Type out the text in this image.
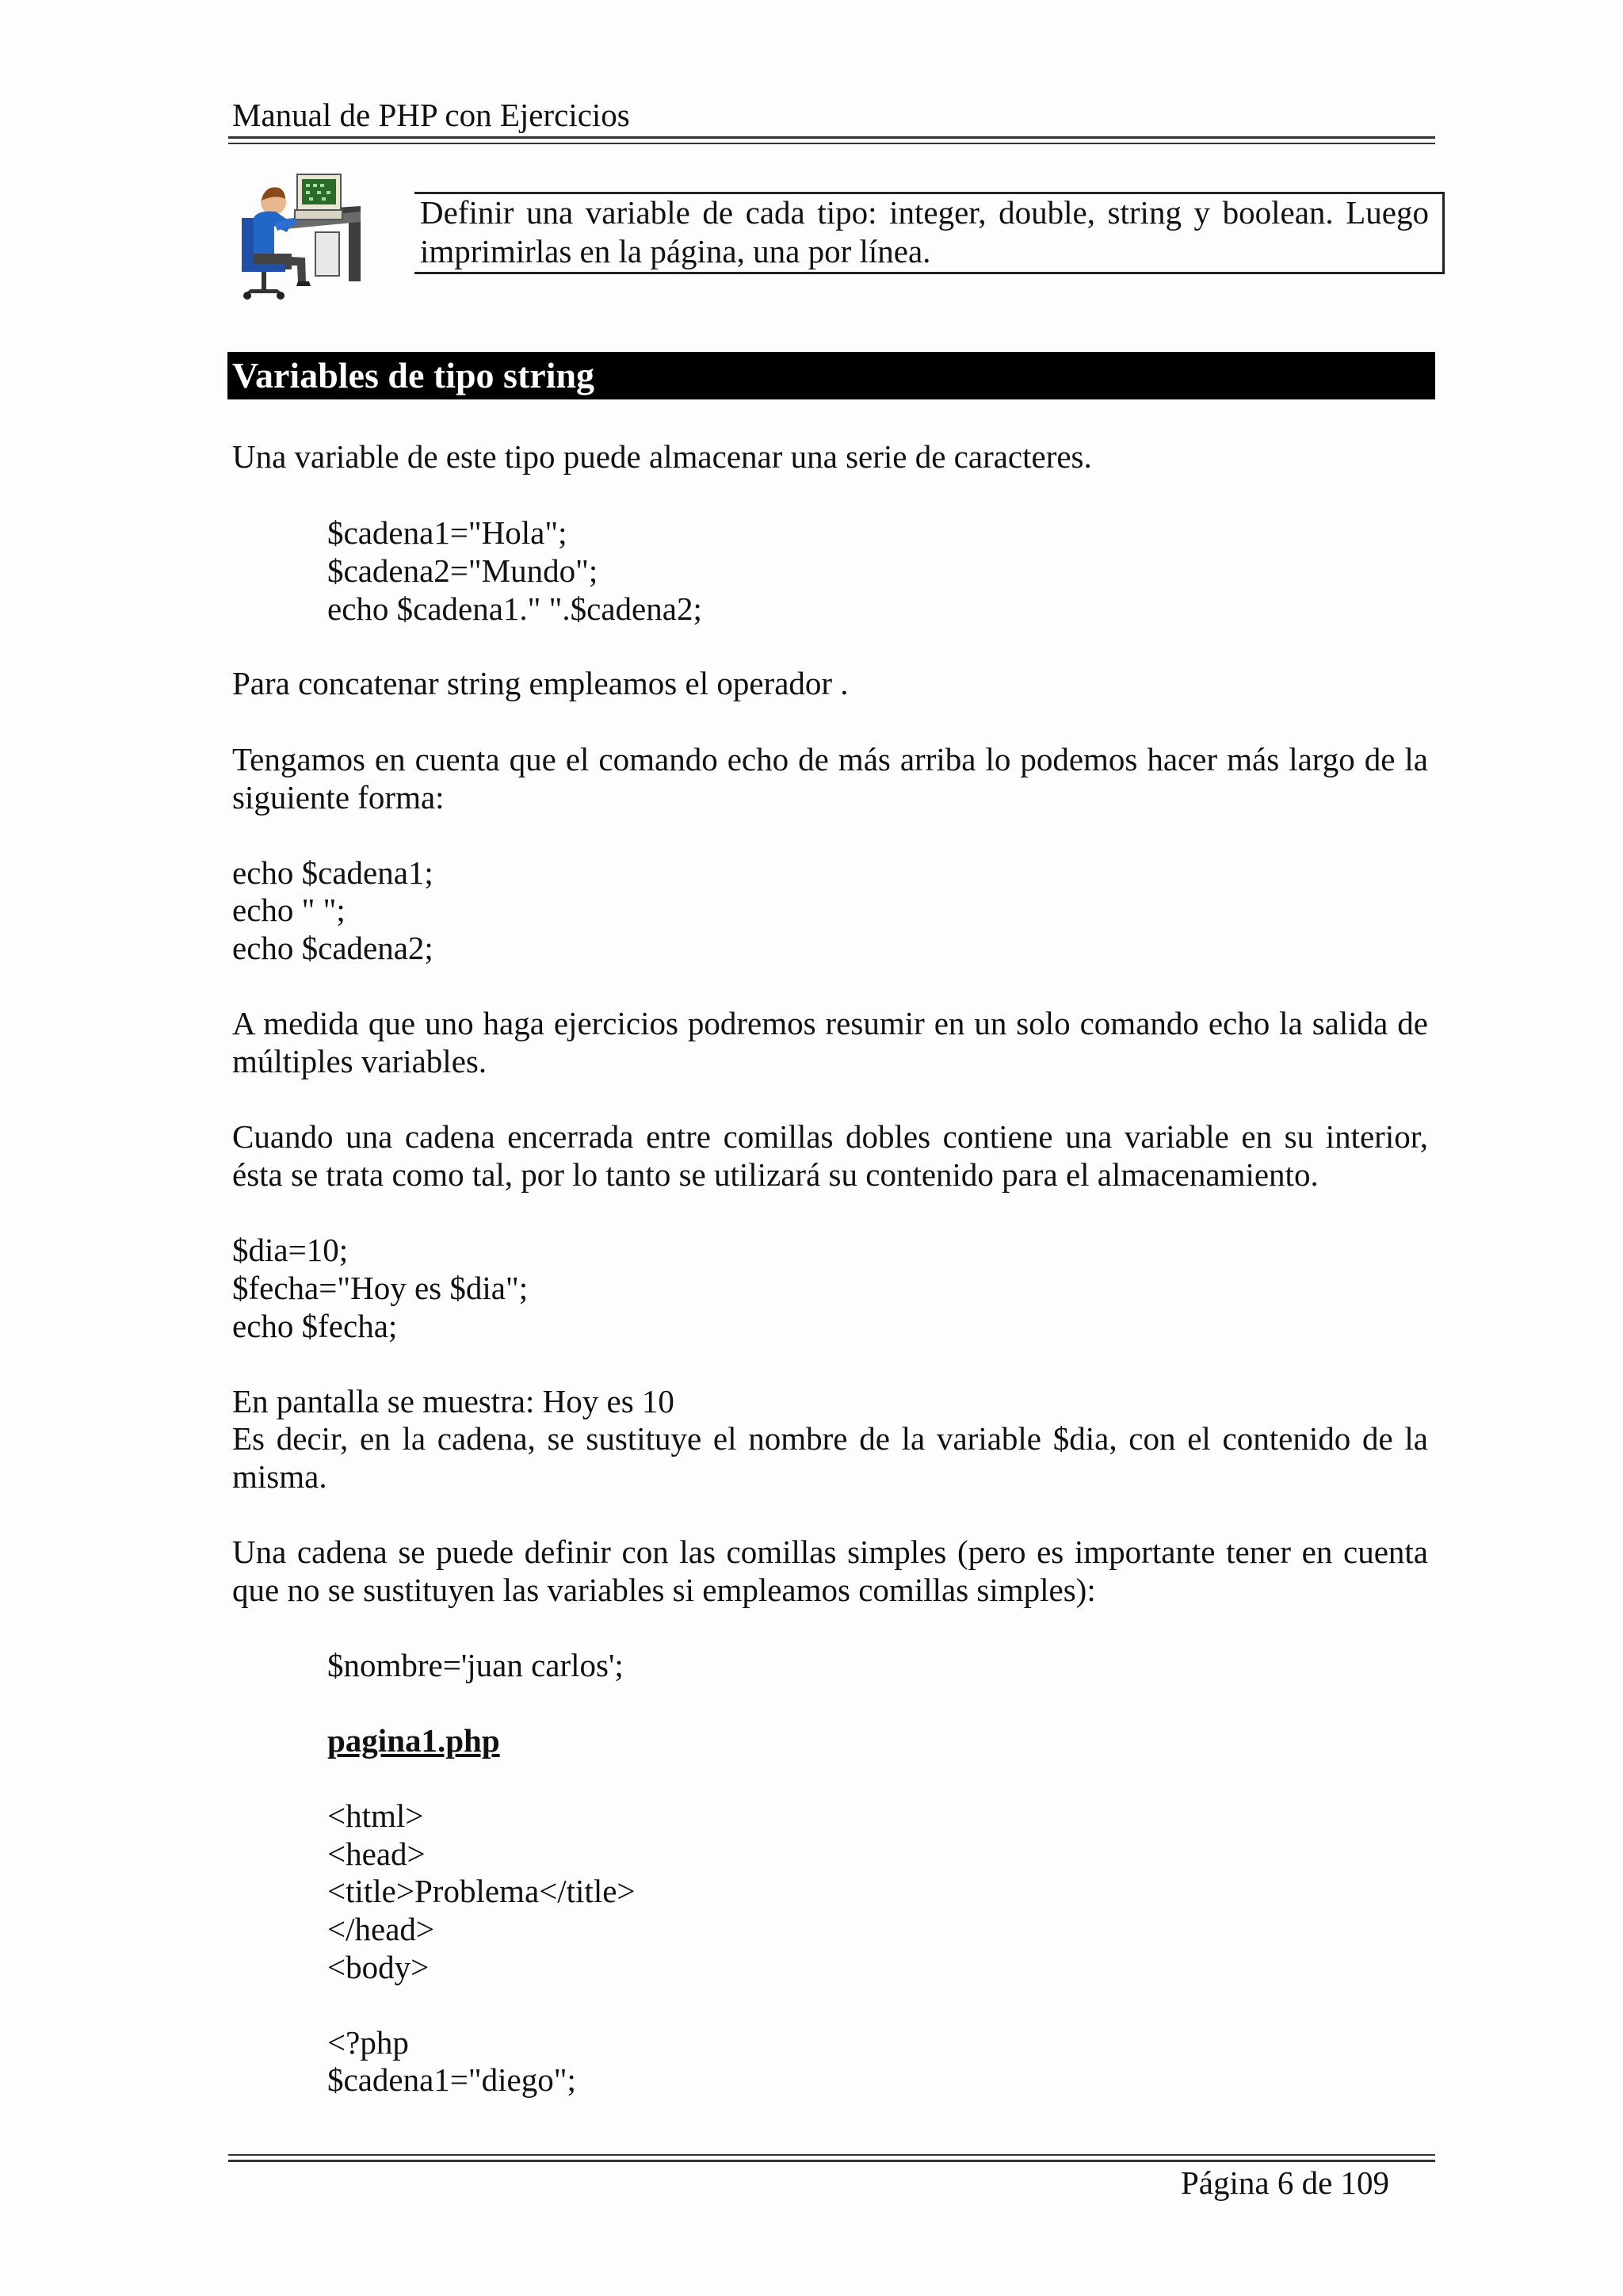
Manual de PHP con Ejercicios
Definir una variable de cada tipo: integer, double, string y boolean. Luego imprimirlas en la página, una por línea.
Variables de tipo string
Una variable de este tipo puede almacenar una serie de caracteres.
$cadena1="Hola";
$cadena2="Mundo";
echo $cadena1." ".$cadena2;
Para concatenar string empleamos el operador .
Tengamos en cuenta que el comando echo de más arriba lo podemos hacer más largo de la siguiente forma:
echo $cadena1;
echo " ";
echo $cadena2;
A medida que uno haga ejercicios podremos resumir en un solo comando echo la salida de múltiples variables.
Cuando una cadena encerrada entre comillas dobles contiene una variable en su interior, ésta se trata como tal, por lo tanto se utilizará su contenido para el almacenamiento.
$dia=10;
$fecha="Hoy es $dia";
echo $fecha;
En pantalla se muestra: Hoy es 10
Es decir, en la cadena, se sustituye el nombre de la variable $dia, con el contenido de la misma.
Una cadena se puede definir con las comillas simples (pero es importante tener en cuenta que no se sustituyen las variables si empleamos comillas simples):
$nombre='juan carlos';
pagina1.php
<html>
<head>
<title>Problema</title>
</head>
<body>
<?php
$cadena1="diego";
Página 6 de 109
